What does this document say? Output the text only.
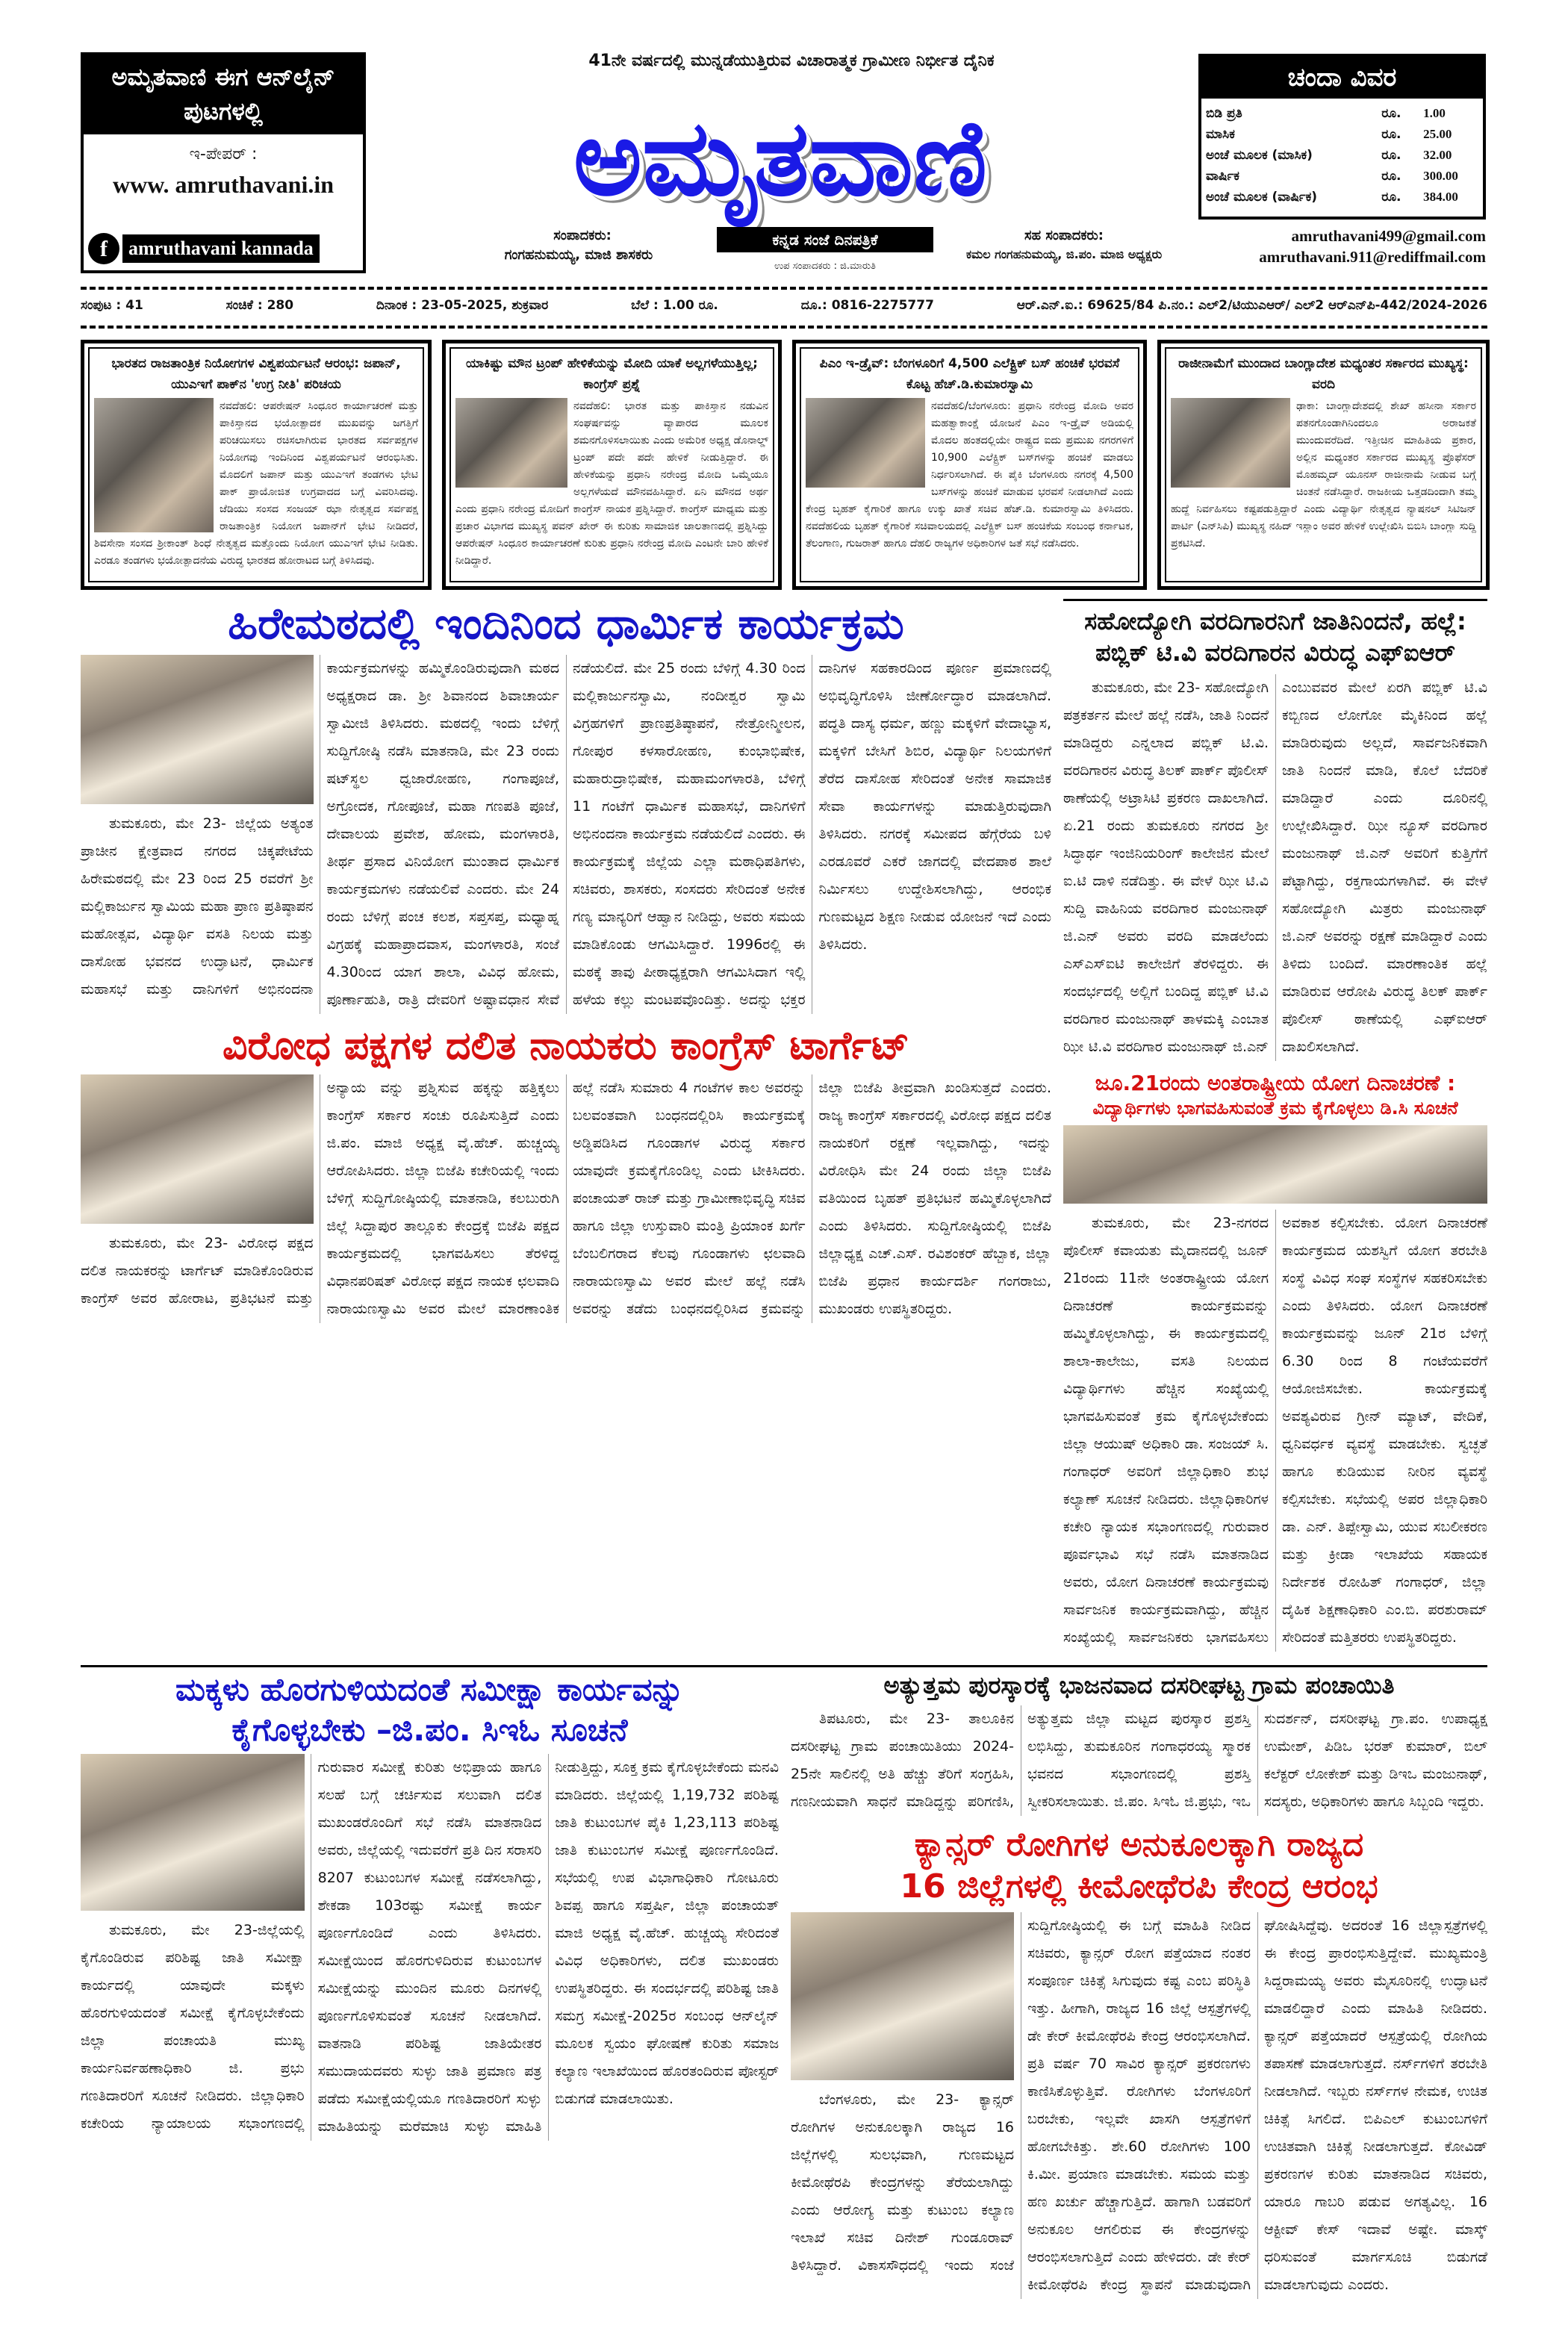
ಅಮೃತವಾಣಿ ಈಗ ಆನ್‌ಲೈನ್ ಪುಟಗಳಲ್ಲಿ
ಇ-ಪೇಪರ್ :
www. amruthavani.in
f	amruthavani kannada
41ನೇ ವರ್ಷದಲ್ಲಿ ಮುನ್ನಡೆಯುತ್ತಿರುವ ವಿಚಾರಾತ್ಮಕ ಗ್ರಾಮೀಣ ನಿರ್ಭೀತ ದೈನಿಕ
ಅಮೃತವಾಣಿ
ಸಂಪಾದಕರು:
ಗಂಗಹನುಮಯ್ಯ, ಮಾಜಿ ಶಾಸಕರು
ಕನ್ನಡ ಸಂಜೆ ದಿನಪತ್ರಿಕೆ
ಉಪ ಸಂಪಾದಕರು : ಜಿ.ಮಾರುತಿ
ಸಹ ಸಂಪಾದಕರು:
ಕಮಲ ಗಂಗಹನುಮಯ್ಯ, ಜಿ.ಪಂ. ಮಾಜಿ ಅಧ್ಯಕ್ಷರು
ಚಂದಾ ವಿವರ
ಬಿಡಿ ಪ್ರತಿ	ರೂ.	1.00
ಮಾಸಿಕ	ರೂ.	25.00
ಅಂಚೆ ಮೂಲಕ (ಮಾಸಿಕ)	ರೂ.	32.00
ವಾರ್ಷಿಕ	ರೂ.	300.00
ಅಂಚೆ ಮೂಲಕ (ವಾರ್ಷಿಕ)	ರೂ.	384.00
amruthavani499@gmail.com
amruthavani.911@rediffmail.com
ಸಂಪುಟ : 41	ಸಂಚಿಕೆ : 280	ದಿನಾಂಕ : 23-05-2025, ಶುಕ್ರವಾರ	ಬೆಲೆ : 1.00 ರೂ.	ದೂ.: 0816-2275777	ಆರ್.ಎನ್.ಐ.: 69625/84 ಪಿ.ನಂ.: ಎಲ್2/ಟಿಯುಎಆರ್/ ಎಲ್2 ಆರ್‌ಎನ್‌ಪಿ-442/2024-2026
ಭಾರತದ ರಾಜತಾಂತ್ರಿಕ ನಿಯೋಗಗಳ ವಿಶ್ವಪರ್ಯಟನೆ ಆರಂಭ: ಜಪಾನ್, ಯುಎಇಗೆ ಪಾಕ್‌ನ 'ಉಗ್ರ ನೀತಿ' ಪರಿಚಯ
ನವದೆಹಲಿ: ಆಪರೇಷನ್ ಸಿಂಧೂರ ಕಾರ್ಯಾಚರಣೆ ಮತ್ತು ಪಾಕಿಸ್ತಾನದ ಭಯೋತ್ಪಾದಕ ಮುಖವನ್ನು ಜಗತ್ತಿಗೆ ಪರಿಚಯಿಸಲು ರಚಿಸಲಾಗಿರುವ ಭಾರತದ ಸರ್ವಪಕ್ಷಗಳ ನಿಯೋಗವು ಇಂದಿನಿಂದ ವಿಶ್ವಪರ್ಯಟನೆ ಆರಂಭಿಸಿತು. ಮೊದಲಿಗೆ ಜಪಾನ್ ಮತ್ತು ಯುಎಇಗೆ ತಂಡಗಳು ಭೇಟಿ ಪಾಕ್ ಪ್ರಾಯೋಜಿತ ಉಗ್ರವಾದದ ಬಗ್ಗೆ ವಿವರಿಸಿದವು. ಜೆಡಿಯು ಸಂಸದ ಸಂಜಯ್ ಝಾ ನೇತೃತ್ವದ ಸರ್ವಪಕ್ಷ ರಾಜತಾಂತ್ರಿಕ ನಿಯೋಗ ಜಪಾನ್‌ಗೆ ಭೇಟಿ ನೀಡಿದರೆ, ಶಿವಸೇನಾ ಸಂಸದ ಶ್ರೀಕಾಂತ್ ಶಿಂಧೆ ನೇತೃತ್ವದ ಮತ್ತೊಂದು ನಿಯೋಗ ಯುಎಇಗೆ ಭೇಟಿ ನೀಡಿತು. ಎರಡೂ ತಂಡಗಳು ಭಯೋತ್ಪಾದನೆಯ ವಿರುದ್ಧ ಭಾರತದ ಹೋರಾಟದ ಬಗ್ಗೆ ತಿಳಿಸಿದವು.
ಯಾಕಿಷ್ಟು ಮೌನ ಟ್ರಂಪ್ ಹೇಳಿಕೆಯನ್ನು ಮೋದಿ ಯಾಕೆ ಅಲ್ಲಗಳೆಯುತ್ತಿಲ್ಲ; ಕಾಂಗ್ರೆಸ್ ಪ್ರಶ್ನೆ
ನವದೆಹಲಿ: ಭಾರತ ಮತ್ತು ಪಾಕಿಸ್ತಾನ ನಡುವಿನ ಸಂಘರ್ಷವನ್ನು ವ್ಯಾಪಾರದ ಮೂಲಕ ಶಮನಗೊಳಿಸಲಾಯಿತು ಎಂದು ಅಮೆರಿಕ ಅಧ್ಯಕ್ಷ ಡೊನಾಲ್ಡ್ ಟ್ರಂಪ್ ಪದೇ ಪದೇ ಹೇಳಿಕೆ ನೀಡುತ್ತಿದ್ದಾರೆ. ಈ ಹೇಳಿಕೆಯನ್ನು ಪ್ರಧಾನಿ ನರೇಂದ್ರ ಮೋದಿ ಒಮ್ಮೆಯೂ ಅಲ್ಲಗಳೆಯದೆ ಮೌನವಹಿಸಿದ್ದಾರೆ. ಏನಿ ಮೌನದ ಅರ್ಥ ಎಂದು ಪ್ರಧಾನಿ ನರೇಂದ್ರ ಮೋದಿಗೆ ಕಾಂಗ್ರೆಸ್ ನಾಯಕ ಪ್ರಶ್ನಿಸಿದ್ದಾರೆ. ಕಾಂಗ್ರೆಸ್ ಮಾಧ್ಯಮ ಮತ್ತು ಪ್ರಚಾರ ವಿಭಾಗದ ಮುಖ್ಯಸ್ಥ ಪವನ್ ಖೇರ್ ಈ ಕುರಿತು ಸಾಮಾಜಿಕ ಜಾಲತಾಣದಲ್ಲಿ ಪ್ರಶ್ನಿಸಿದ್ದು ಆಪರೇಷನ್ ಸಿಂಧೂರ ಕಾರ್ಯಾಚರಣೆ ಕುರಿತು ಪ್ರಧಾನಿ ನರೇಂದ್ರ ಮೋದಿ ಎಂಟನೇ ಬಾರಿ ಹೇಳಿಕೆ ನೀಡಿದ್ದಾರೆ.
ಪಿಎಂ ಇ-ಡ್ರೈವ್: ಬೆಂಗಳೂರಿಗೆ 4,500 ಎಲೆಕ್ಟ್ರಿಕ್ ಬಸ್ ಹಂಚಿಕೆ ಭರವಸೆ ಕೊಟ್ಟ ಹೆಚ್.ಡಿ.ಕುಮಾರಸ್ವಾಮಿ
ನವದೆಹಲಿ/ಬೆಂಗಳೂರು: ಪ್ರಧಾನಿ ನರೇಂದ್ರ ಮೋದಿ ಅವರ ಮಹತ್ವಾಕಾಂಕ್ಷೆ ಯೋಜನೆ ಪಿಎಂ ಇ-ಡ್ರೈವ್ ಅಡಿಯಲ್ಲಿ ಮೊದಲ ಹಂತದಲ್ಲಿಯೇ ರಾಷ್ಟ್ರದ ಐದು ಪ್ರಮುಖ ನಗರಗಳಿಗೆ 10,900 ಎಲೆಕ್ಟ್ರಿಕ್ ಬಸ್‌ಗಳನ್ನು ಹಂಚಿಕೆ ಮಾಡಲು ನಿರ್ಧರಿಸಲಾಗಿದೆ. ಈ ಪೈಕಿ ಬೆಂಗಳೂರು ನಗರಕ್ಕೆ 4,500 ಬಸ್‌ಗಳನ್ನು ಹಂಚಿಕೆ ಮಾಡುವ ಭರವಸೆ ನೀಡಲಾಗಿದೆ ಎಂದು ಕೇಂದ್ರ ಬೃಹತ್ ಕೈಗಾರಿಕೆ ಹಾಗೂ ಉಕ್ಕು ಖಾತೆ ಸಚಿವ ಹೆಚ್.ಡಿ. ಕುಮಾರಸ್ವಾಮಿ ತಿಳಿಸಿದರು. ನವದೆಹಲಿಯ ಬೃಹತ್ ಕೈಗಾರಿಕೆ ಸಚಿವಾಲಯದಲ್ಲಿ ಎಲೆಕ್ಟ್ರಿಕ್ ಬಸ್ ಹಂಚಿಕೆಯ ಸಂಬಂಧ ಕರ್ನಾಟಕ, ತೆಲಂಗಾಣ, ಗುಜರಾತ್ ಹಾಗೂ ದೆಹಲಿ ರಾಜ್ಯಗಳ ಅಧಿಕಾರಿಗಳ ಜತೆ ಸಭೆ ನಡೆಸಿದರು.
ರಾಜೀನಾಮೆಗೆ ಮುಂದಾದ ಬಾಂಗ್ಲಾದೇಶ ಮಧ್ಯಂತರ ಸರ್ಕಾರದ ಮುಖ್ಯಸ್ಥ: ವರದಿ
ಢಾಕಾ: ಬಾಂಗ್ಲಾದೇಶದಲ್ಲಿ ಶೇಖ್ ಹಸೀನಾ ಸರ್ಕಾರ ಪತನಗೊಂಡಾಗಿನಿಂದಲೂ ಅರಾಜಕತೆ ಮುಂದುವರೆದಿದೆ. ಇತ್ತೀಚಿನ ಮಾಹಿತಿಯ ಪ್ರಕಾರ, ಅಲ್ಲಿನ ಮಧ್ಯಂತರ ಸರ್ಕಾರದ ಮುಖ್ಯಸ್ಥ ಪ್ರೊಫೆಸರ್ ಮೊಹಮ್ಮದ್ ಯೂನಸ್ ರಾಜೀನಾಮೆ ನೀಡುವ ಬಗ್ಗೆ ಚಿಂತನೆ ನಡೆಸಿದ್ದಾರೆ. ರಾಜಕೀಯ ಒತ್ತಡದಿಂದಾಗಿ ತಮ್ಮ ಹುದ್ದೆ ನಿರ್ವಹಿಸಲು ಕಷ್ಟಪಡುತ್ತಿದ್ದಾರೆ ಎಂದು ವಿದ್ಯಾರ್ಥಿ ನೇತೃತ್ವದ ನ್ಯಾಷನಲ್ ಸಿಟಿಜನ್ ಪಾರ್ಟಿ (ಎನ್‌ಸಿಪಿ) ಮುಖ್ಯಸ್ಥ ನಹಿದ್ ಇಸ್ಲಾಂ ಅವರ ಹೇಳಿಕೆ ಉಲ್ಲೇಖಿಸಿ ಬಿಬಿಸಿ ಬಾಂಗ್ಲಾ ಸುದ್ದಿ ಪ್ರಕಟಿಸಿದೆ.
ಹಿರೇಮಠದಲ್ಲಿ ಇಂದಿನಿಂದ ಧಾರ್ಮಿಕ ಕಾರ್ಯಕ್ರಮ

ತುಮಕೂರು, ಮೇ 23- ಜಿಲ್ಲೆಯ ಅತ್ಯಂತ ಪ್ರಾಚೀನ ಕ್ಷೇತ್ರವಾದ ನಗರದ ಚಿಕ್ಕಪೇಟೆಯ ಹಿರೇಮಠದಲ್ಲಿ ಮೇ 23 ರಿಂದ 25 ರವರೆಗೆ ಶ್ರೀ ಮಲ್ಲಿಕಾರ್ಜುನ ಸ್ವಾಮಿಯ ಮಹಾ ಪ್ರಾಣ ಪ್ರತಿಷ್ಠಾಪನ ಮಹೋತ್ಸವ, ವಿದ್ಯಾರ್ಥಿ ವಸತಿ ನಿಲಯ ಮತ್ತು ದಾಸೋಹ ಭವನದ ಉದ್ಘಾಟನೆ, ಧಾರ್ಮಿಕ ಮಹಾಸಭೆ ಮತ್ತು ದಾನಿಗಳಿಗೆ ಅಭಿನಂದನಾ ಕಾರ್ಯಕ್ರಮಗಳನ್ನು ಹಮ್ಮಿಕೊಂಡಿರುವುದಾಗಿ ಮಠದ ಅಧ್ಯಕ್ಷರಾದ ಡಾ. ಶ್ರೀ ಶಿವಾನಂದ ಶಿವಾಚಾರ್ಯ ಸ್ವಾಮೀಜಿ ತಿಳಿಸಿದರು. ಮಠದಲ್ಲಿ ಇಂದು ಬೆಳಿಗ್ಗೆ ಸುದ್ದಿಗೋಷ್ಠಿ ನಡೆಸಿ ಮಾತನಾಡಿ, ಮೇ 23 ರಂದು ಷಟ್‌ಸ್ಥಲ ಧ್ವಜಾರೋಹಣ, ಗಂಗಾಪೂಜೆ, ಅಗ್ರೋದಕ, ಗೋಪೂಜೆ, ಮಹಾ ಗಣಪತಿ ಪೂಜೆ, ದೇವಾಲಯ ಪ್ರವೇಶ, ಹೋಮ, ಮಂಗಳಾರತಿ, ತೀರ್ಥ ಪ್ರಸಾದ ವಿನಿಯೋಗ ಮುಂತಾದ ಧಾರ್ಮಿಕ ಕಾರ್ಯಕ್ರಮಗಳು ನಡೆಯಲಿವೆ ಎಂದರು. ಮೇ 24 ರಂದು ಬೆಳಿಗ್ಗೆ ಪಂಚ ಕಲಶ, ಸಪ್ತಸಪ್ತ, ಮಧ್ಯಾಹ್ನ ವಿಗ್ರಹಕ್ಕೆ ಮಹಾಪ್ರಾದವಾಸ, ಮಂಗಳಾರತಿ, ಸಂಜೆ 4.30ರಿಂದ ಯಾಗ ಶಾಲಾ, ವಿವಿಧ ಹೋಮ, ಪೂರ್ಣಾಹುತಿ, ರಾತ್ರಿ ದೇವರಿಗೆ ಅಷ್ಟಾವಧಾನ ಸೇವೆ ನಡೆಯಲಿದೆ. ಮೇ 25 ರಂದು ಬೆಳಿಗ್ಗೆ 4.30 ರಿಂದ ಮಲ್ಲಿಕಾರ್ಜುನಸ್ವಾಮಿ, ನಂದೀಶ್ವರ ಸ್ವಾಮಿ ವಿಗ್ರಹಗಳಿಗೆ ಪ್ರಾಣಪ್ರತಿಷ್ಠಾಪನೆ, ನೇತ್ರೋನ್ಮೀಲನ, ಗೋಪುರ ಕಳಸಾರೋಹಣ, ಕುಂಭಾಭಿಷೇಕ, ಮಹಾರುದ್ರಾಭಿಷೇಕ, ಮಹಾಮಂಗಳಾರತಿ, ಬೆಳಿಗ್ಗೆ 11 ಗಂಟೆಗೆ ಧಾರ್ಮಿಕ ಮಹಾಸಭೆ, ದಾನಿಗಳಿಗೆ ಅಭಿನಂದನಾ ಕಾರ್ಯಕ್ರಮ ನಡೆಯಲಿದೆ ಎಂದರು. ಈ ಕಾರ್ಯಕ್ರಮಕ್ಕೆ ಜಿಲ್ಲೆಯ ಎಲ್ಲಾ ಮಠಾಧಿಪತಿಗಳು, ಸಚಿವರು, ಶಾಸಕರು, ಸಂಸದರು ಸೇರಿದಂತೆ ಅನೇಕ ಗಣ್ಯ ಮಾನ್ಯರಿಗೆ ಆಹ್ವಾನ ನೀಡಿದ್ದು, ಅವರು ಸಮಯ ಮಾಡಿಕೊಂಡು ಆಗಮಿಸಿದ್ದಾರೆ. 1996ರಲ್ಲಿ ಈ ಮಠಕ್ಕೆ ತಾವು ಪೀಠಾಧ್ಯಕ್ಷರಾಗಿ ಆಗಮಿಸಿದಾಗ ಇಲ್ಲಿ ಹಳೆಯ ಕಲ್ಲು ಮಂಟಪವೊಂದಿತ್ತು. ಅದನ್ನು ಭಕ್ತರ ದಾನಿಗಳ ಸಹಕಾರದಿಂದ ಪೂರ್ಣ ಪ್ರಮಾಣದಲ್ಲಿ ಅಭಿವೃದ್ಧಿಗೊಳಿಸಿ ಜೀರ್ಣೋದ್ಧಾರ ಮಾಡಲಾಗಿದೆ. ಪದ್ಧತಿ ದಾಸ್ಯ ಧರ್ಮ, ಹಣ್ಣು ಮಕ್ಕಳಿಗೆ ವೇದಾಭ್ಯಾಸ, ಮಕ್ಕಳಿಗೆ ಬೇಸಿಗೆ ಶಿಬಿರ, ವಿದ್ಯಾರ್ಥಿ ನಿಲಯಗಳಿಗೆ ತೆರೆದ ದಾಸೋಹ ಸೇರಿದಂತೆ ಅನೇಕ ಸಾಮಾಜಿಕ ಸೇವಾ ಕಾರ್ಯಗಳನ್ನು ಮಾಡುತ್ತಿರುವುದಾಗಿ ತಿಳಿಸಿದರು. ನಗರಕ್ಕೆ ಸಮೀಪದ ಹೆಗ್ಗೆರೆಯ ಬಳಿ ಎರಡೂವರೆ ಎಕರೆ ಜಾಗದಲ್ಲಿ ವೇದಪಾಠ ಶಾಲೆ ನಿರ್ಮಿಸಲು ಉದ್ದೇಶಿಸಲಾಗಿದ್ದು, ಆರಂಭಿಕ ಗುಣಮಟ್ಟದ ಶಿಕ್ಷಣ ನೀಡುವ ಯೋಜನೆ ಇದೆ ಎಂದು ತಿಳಿಸಿದರು.

ವಿರೋಧ ಪಕ್ಷಗಳ ದಲಿತ ನಾಯಕರು ಕಾಂಗ್ರೆಸ್ ಟಾರ್ಗೆಟ್

ತುಮಕೂರು, ಮೇ 23- ವಿರೋಧ ಪಕ್ಷದ ದಲಿತ ನಾಯಕರನ್ನು ಟಾರ್ಗೆಟ್ ಮಾಡಿಕೊಂಡಿರುವ ಕಾಂಗ್ರೆಸ್ ಅವರ ಹೋರಾಟ, ಪ್ರತಿಭಟನೆ ಮತ್ತು ಅನ್ಯಾಯ ವನ್ನು ಪ್ರಶ್ನಿಸುವ ಹಕ್ಕನ್ನು ಹತ್ತಿಕ್ಕಲು ಕಾಂಗ್ರೆಸ್ ಸರ್ಕಾರ ಸಂಚು ರೂಪಿಸುತ್ತಿದೆ ಎಂದು ಜಿ.ಪಂ. ಮಾಜಿ ಅಧ್ಯಕ್ಷ ವೈ.ಹೆಚ್. ಹುಚ್ಚಯ್ಯ ಆರೋಪಿಸಿದರು. ಜಿಲ್ಲಾ ಬಿಜೆಪಿ ಕಚೇರಿಯಲ್ಲಿ ಇಂದು ಬೆಳಿಗ್ಗೆ ಸುದ್ದಿಗೋಷ್ಠಿಯಲ್ಲಿ ಮಾತನಾಡಿ, ಕಲಬುರುಗಿ ಜಿಲ್ಲೆ ಸಿದ್ದಾಪುರ ತಾಲ್ಲೂಕು ಕೇಂದ್ರಕ್ಕೆ ಬಿಜೆಪಿ ಪಕ್ಷದ ಕಾರ್ಯಕ್ರಮದಲ್ಲಿ ಭಾಗವಹಿಸಲು ತೆರಳಿದ್ದ ವಿಧಾನಪರಿಷತ್ ವಿರೋಧ ಪಕ್ಷದ ನಾಯಕ ಛಲವಾದಿ ನಾರಾಯಣಸ್ವಾಮಿ ಅವರ ಮೇಲೆ ಮಾರಣಾಂತಿಕ ಹಲ್ಲೆ ನಡೆಸಿ ಸುಮಾರು 4 ಗಂಟೆಗಳ ಕಾಲ ಅವರನ್ನು ಬಲವಂತವಾಗಿ ಬಂಧನದಲ್ಲಿರಿಸಿ ಕಾರ್ಯಕ್ರಮಕ್ಕೆ ಅಡ್ಡಿಪಡಿಸಿದ ಗೂಂಡಾಗಳ ವಿರುದ್ಧ ಸರ್ಕಾರ ಯಾವುದೇ ಕ್ರಮಕೈಗೊಂಡಿಲ್ಲ ಎಂದು ಟೀಕಿಸಿದರು. ಪಂಚಾಯತ್ ರಾಜ್ ಮತ್ತು ಗ್ರಾಮೀಣಾಭಿವೃದ್ಧಿ ಸಚಿವ ಹಾಗೂ ಜಿಲ್ಲಾ ಉಸ್ತುವಾರಿ ಮಂತ್ರಿ ಪ್ರಿಯಾಂಕ ಖರ್ಗೆ ಬೆಂಬಲಿಗರಾದ ಕೆಲವು ಗೂಂಡಾಗಳು ಛಲವಾದಿ ನಾರಾಯಣಸ್ವಾಮಿ ಅವರ ಮೇಲೆ ಹಲ್ಲೆ ನಡೆಸಿ ಅವರನ್ನು ತಡೆದು ಬಂಧನದಲ್ಲಿರಿಸಿದ ಕ್ರಮವನ್ನು ಜಿಲ್ಲಾ ಬಿಜೆಪಿ ತೀವ್ರವಾಗಿ ಖಂಡಿಸುತ್ತದೆ ಎಂದರು. ರಾಜ್ಯ ಕಾಂಗ್ರೆಸ್ ಸರ್ಕಾರದಲ್ಲಿ ವಿರೋಧ ಪಕ್ಷದ ದಲಿತ ನಾಯಕರಿಗೆ ರಕ್ಷಣೆ ಇಲ್ಲವಾಗಿದ್ದು, ಇದನ್ನು ವಿರೋಧಿಸಿ ಮೇ 24 ರಂದು ಜಿಲ್ಲಾ ಬಿಜೆಪಿ ವತಿಯಿಂದ ಬೃಹತ್ ಪ್ರತಿಭಟನೆ ಹಮ್ಮಿಕೊಳ್ಳಲಾಗಿದೆ ಎಂದು ತಿಳಿಸಿದರು. ಸುದ್ದಿಗೋಷ್ಠಿಯಲ್ಲಿ ಬಿಜೆಪಿ ಜಿಲ್ಲಾಧ್ಯಕ್ಷ ಎಚ್.ಎಸ್. ರವಿಶಂಕರ್ ಹೆಬ್ಬಾಕ, ಜಿಲ್ಲಾ ಬಿಜೆಪಿ ಪ್ರಧಾನ ಕಾರ್ಯದರ್ಶಿ ಗಂಗರಾಜು, ಮುಖಂಡರು ಉಪಸ್ಥಿತರಿದ್ದರು.

ಸಹೋದ್ಯೋಗಿ ವರದಿಗಾರನಿಗೆ ಜಾತಿನಿಂದನೆ, ಹಲ್ಲೆ: ಪಬ್ಲಿಕ್ ಟಿ.ವಿ ವರದಿಗಾರನ ವಿರುದ್ಧ ಎಫ್‌ಐಆರ್

ತುಮಕೂರು, ಮೇ 23- ಸಹೋದ್ಯೋಗಿ ಪತ್ರಕರ್ತನ ಮೇಲೆ ಹಲ್ಲೆ ನಡೆಸಿ, ಜಾತಿ ನಿಂದನೆ ಮಾಡಿದ್ದರು ಎನ್ನಲಾದ ಪಬ್ಲಿಕ್ ಟಿ.ವಿ. ವರದಿಗಾರನ ವಿರುದ್ಧ ತಿಲಕ್ ಪಾರ್ಕ್ ಪೊಲೀಸ್ ಠಾಣೆಯಲ್ಲಿ ಅಟ್ರಾಸಿಟಿ ಪ್ರಕರಣ ದಾಖಲಾಗಿದೆ. ಏ.21 ರಂದು ತುಮಕೂರು ನಗರದ ಶ್ರೀ ಸಿದ್ಧಾರ್ಥ ಇಂಜಿನಿಯರಿಂಗ್ ಕಾಲೇಜಿನ ಮೇಲೆ ಐ.ಟಿ ದಾಳಿ ನಡೆದಿತ್ತು. ಈ ವೇಳೆ ಝೀ ಟಿ.ವಿ ಸುದ್ದಿ ವಾಹಿನಿಯ ವರದಿಗಾರ ಮಂಜುನಾಥ್ ಜಿ.ಎನ್ ಅವರು ವರದಿ ಮಾಡಲೆಂದು ಎಸ್‌ಎಸ್‌ಐಟಿ ಕಾಲೇಜಿಗೆ ತೆರಳಿದ್ದರು. ಈ ಸಂದರ್ಭದಲ್ಲಿ ಅಲ್ಲಿಗೆ ಬಂದಿದ್ದ ಪಬ್ಲಿಕ್ ಟಿ.ವಿ ವರದಿಗಾರ ಮಂಜುನಾಥ್ ತಾಳಮಕ್ಕಿ ಎಂಬಾತ ಝೀ ಟಿ.ವಿ ವರದಿಗಾರ ಮಂಜುನಾಥ್ ಜಿ.ಎನ್ ಎಂಬುವವರ ಮೇಲೆ ಏರಗಿ ಪಬ್ಲಿಕ್ ಟಿ.ವಿ ಕಬ್ಬಿಣದ ಲೋಗೋ ಮೈಕಿನಿಂದ ಹಲ್ಲೆ ಮಾಡಿರುವುದು ಅಲ್ಲದೆ, ಸಾರ್ವಜನಿಕವಾಗಿ ಜಾತಿ ನಿಂದನೆ ಮಾಡಿ, ಕೊಲೆ ಬೆದರಿಕೆ ಮಾಡಿದ್ದಾರೆ ಎಂದು ದೂರಿನಲ್ಲಿ ಉಲ್ಲೇಖಿಸಿದ್ದಾರೆ. ಝೀ ನ್ಯೂಸ್ ವರದಿಗಾರ ಮಂಜುನಾಥ್ ಜಿ.ಎನ್ ಅವರಿಗೆ ಕುತ್ತಿಗೆಗೆ ಪೆಟ್ಟಾಗಿದ್ದು, ರಕ್ತಗಾಯಗಳಾಗಿವೆ. ಈ ವೇಳೆ ಸಹೋದ್ಯೋಗಿ ಮಿತ್ರರು ಮಂಜುನಾಥ್ ಜಿ.ಎನ್ ಅವರನ್ನು ರಕ್ಷಣೆ ಮಾಡಿದ್ದಾರೆ ಎಂದು ತಿಳಿದು ಬಂದಿದೆ. ಮಾರಣಾಂತಿಕ ಹಲ್ಲೆ ಮಾಡಿರುವ ಆರೋಪಿ ವಿರುದ್ಧ ತಿಲಕ್ ಪಾರ್ಕ್ ಪೊಲೀಸ್ ಠಾಣೆಯಲ್ಲಿ ಎಫ್‌ಐಆರ್ ದಾಖಲಿಸಲಾಗಿದೆ.

ಜೂ.21ರಂದು ಅಂತರಾಷ್ಟ್ರೀಯ ಯೋಗ ದಿನಾಚರಣೆ :
ವಿದ್ಯಾರ್ಥಿಗಳು ಭಾಗವಹಿಸುವಂತೆ ಕ್ರಮ ಕೈಗೊಳ್ಳಲು ಡಿ.ಸಿ ಸೂಚನೆ

ತುಮಕೂರು, ಮೇ 23-ನಗರದ ಪೊಲೀಸ್ ಕವಾಯತು ಮೈದಾನದಲ್ಲಿ ಜೂನ್ 21ರಂದು 11ನೇ ಅಂತರಾಷ್ಟ್ರೀಯ ಯೋಗ ದಿನಾಚರಣೆ ಕಾರ್ಯಕ್ರಮವನ್ನು ಹಮ್ಮಿಕೊಳ್ಳಲಾಗಿದ್ದು, ಈ ಕಾರ್ಯಕ್ರಮದಲ್ಲಿ ಶಾಲಾ-ಕಾಲೇಜು, ವಸತಿ ನಿಲಯದ ವಿದ್ಯಾರ್ಥಿಗಳು ಹೆಚ್ಚಿನ ಸಂಖ್ಯೆಯಲ್ಲಿ ಭಾಗವಹಿಸುವಂತೆ ಕ್ರಮ ಕೈಗೊಳ್ಳಬೇಕೆಂದು ಜಿಲ್ಲಾ ಆಯುಷ್ ಅಧಿಕಾರಿ ಡಾ. ಸಂಜಯ್ ಸಿ. ಗಂಗಾಧರ್ ಅವರಿಗೆ ಜಿಲ್ಲಾಧಿಕಾರಿ ಶುಭ ಕಲ್ಯಾಣ್ ಸೂಚನೆ ನೀಡಿದರು. ಜಿಲ್ಲಾಧಿಕಾರಿಗಳ ಕಚೇರಿ ನ್ಯಾಯಕ ಸಭಾಂಗಣದಲ್ಲಿ ಗುರುವಾರ ಪೂರ್ವಭಾವಿ ಸಭೆ ನಡೆಸಿ ಮಾತನಾಡಿದ ಅವರು, ಯೋಗ ದಿನಾಚರಣೆ ಕಾರ್ಯಕ್ರಮವು ಸಾರ್ವಜನಿಕ ಕಾರ್ಯಕ್ರಮವಾಗಿದ್ದು, ಹೆಚ್ಚಿನ ಸಂಖ್ಯೆಯಲ್ಲಿ ಸಾರ್ವಜನಿಕರು ಭಾಗವಹಿಸಲು ಅವಕಾಶ ಕಲ್ಪಿಸಬೇಕು. ಯೋಗ ದಿನಾಚರಣೆ ಕಾರ್ಯಕ್ರಮದ ಯಶಸ್ವಿಗೆ ಯೋಗ ತರಬೇತಿ ಸಂಸ್ಥೆ ವಿವಿಧ ಸಂಘ ಸಂಸ್ಥೆಗಳ ಸಹಕರಿಸಬೇಕು ಎಂದು ತಿಳಿಸಿದರು. ಯೋಗ ದಿನಾಚರಣೆ ಕಾರ್ಯಕ್ರಮವನ್ನು ಜೂನ್ 21ರ ಬೆಳಿಗ್ಗೆ 6.30 ರಿಂದ 8 ಗಂಟೆಯವರೆಗೆ ಆಯೋಜಿಸಬೇಕು. ಕಾರ್ಯಕ್ರಮಕ್ಕೆ ಅವಶ್ಯವಿರುವ ಗ್ರೀನ್ ಮ್ಯಾಟ್, ವೇದಿಕೆ, ಧ್ವನಿವರ್ಧಕ ವ್ಯವಸ್ಥೆ ಮಾಡಬೇಕು. ಸ್ವಚ್ಛತೆ ಹಾಗೂ ಕುಡಿಯುವ ನೀರಿನ ವ್ಯವಸ್ಥೆ ಕಲ್ಪಿಸಬೇಕು. ಸಭೆಯಲ್ಲಿ ಅಪರ ಜಿಲ್ಲಾಧಿಕಾರಿ ಡಾ. ಎನ್. ತಿಪ್ಪೇಸ್ವಾಮಿ, ಯುವ ಸಬಲೀಕರಣ ಮತ್ತು ಕ್ರೀಡಾ ಇಲಾಖೆಯ ಸಹಾಯಕ ನಿರ್ದೇಶಕ ರೋಹಿತ್ ಗಂಗಾಧರ್, ಜಿಲ್ಲಾ ದೈಹಿಕ ಶಿಕ್ಷಣಾಧಿಕಾರಿ ಎಂ.ಬಿ. ಪರಶುರಾಮ್ ಸೇರಿದಂತೆ ಮತ್ತಿತರರು ಉಪಸ್ಥಿತರಿದ್ದರು.

ಮಕ್ಕಳು ಹೊರಗುಳಿಯದಂತೆ ಸಮೀಕ್ಷಾ ಕಾರ್ಯವನ್ನು
ಕೈಗೊಳ್ಳಬೇಕು –ಜಿ.ಪಂ. ಸಿಇಓ ಸೂಚನೆ

ತುಮಕೂರು, ಮೇ 23-ಜಿಲ್ಲೆಯಲ್ಲಿ ಕೈಗೊಂಡಿರುವ ಪರಿಶಿಷ್ಟ ಜಾತಿ ಸಮೀಕ್ಷಾ ಕಾರ್ಯದಲ್ಲಿ ಯಾವುದೇ ಮಕ್ಕಳು ಹೊರಗುಳಿಯದಂತೆ ಸಮೀಕ್ಷೆ ಕೈಗೊಳ್ಳಬೇಕೆಂದು ಜಿಲ್ಲಾ ಪಂಚಾಯತಿ ಮುಖ್ಯ ಕಾರ್ಯನಿರ್ವಹಣಾಧಿಕಾರಿ ಜಿ. ಪ್ರಭು ಗಣತಿದಾರರಿಗೆ ಸೂಚನೆ ನೀಡಿದರು. ಜಿಲ್ಲಾಧಿಕಾರಿ ಕಚೇರಿಯ ನ್ಯಾಯಾಲಯ ಸಭಾಂಗಣದಲ್ಲಿ ಗುರುವಾರ ಸಮೀಕ್ಷೆ ಕುರಿತು ಅಭಿಪ್ರಾಯ ಹಾಗೂ ಸಲಹೆ ಬಗ್ಗೆ ಚರ್ಚಿಸುವ ಸಲುವಾಗಿ ದಲಿತ ಮುಖಂಡರೊಂದಿಗೆ ಸಭೆ ನಡೆಸಿ ಮಾತನಾಡಿದ ಅವರು, ಜಿಲ್ಲೆಯಲ್ಲಿ ಇದುವರೆಗೆ ಪ್ರತಿ ದಿನ ಸರಾಸರಿ 8207 ಕುಟುಂಬಗಳ ಸಮೀಕ್ಷೆ ನಡೆಸಲಾಗಿದ್ದು, ಶೇಕಡಾ 103ರಷ್ಟು ಸಮೀಕ್ಷೆ ಕಾರ್ಯ ಪೂರ್ಣಗೊಂಡಿದೆ ಎಂದು ತಿಳಿಸಿದರು. ಸಮೀಕ್ಷೆಯಿಂದ ಹೊರಗುಳಿದಿರುವ ಕುಟುಂಬಗಳ ಸಮೀಕ್ಷೆಯನ್ನು ಮುಂದಿನ ಮೂರು ದಿನಗಳಲ್ಲಿ ಪೂರ್ಣಗೊಳಿಸುವಂತೆ ಸೂಚನೆ ನೀಡಲಾಗಿದೆ. ವಾತನಾಡಿ ಪರಿಶಿಷ್ಟ ಜಾತಿಯೇತರ ಸಮುದಾಯದವರು ಸುಳ್ಳು ಜಾತಿ ಪ್ರಮಾಣ ಪತ್ರ ಪಡೆದು ಸಮೀಕ್ಷೆಯಲ್ಲಿಯೂ ಗಣತಿದಾರರಿಗೆ ಸುಳ್ಳು ಮಾಹಿತಿಯನ್ನು ಮರೆಮಾಚಿ ಸುಳ್ಳು ಮಾಹಿತಿ ನೀಡುತ್ತಿದ್ದು, ಸೂಕ್ತ ಕ್ರಮ ಕೈಗೊಳ್ಳಬೇಕೆಂದು ಮನವಿ ಮಾಡಿದರು. ಜಿಲ್ಲೆಯಲ್ಲಿ 1,19,732 ಪರಿಶಿಷ್ಟ ಜಾತಿ ಕುಟುಂಬಗಳ ಪೈಕಿ 1,23,113 ಪರಿಶಿಷ್ಟ ಜಾತಿ ಕುಟುಂಬಗಳ ಸಮೀಕ್ಷೆ ಪೂರ್ಣಗೊಂಡಿದೆ. ಸಭೆಯಲ್ಲಿ ಉಪ ವಿಭಾಗಾಧಿಕಾರಿ ಗೋಟೂರು ಶಿವಪ್ಪ ಹಾಗೂ ಸಪ್ತರ್ಷಿ, ಜಿಲ್ಲಾ ಪಂಚಾಯತ್ ಮಾಜಿ ಅಧ್ಯಕ್ಷ ವೈ.ಹೆಚ್. ಹುಚ್ಚಯ್ಯ ಸೇರಿದಂತೆ ವಿವಿಧ ಅಧಿಕಾರಿಗಳು, ದಲಿತ ಮುಖಂಡರು ಉಪಸ್ಥಿತರಿದ್ದರು. ಈ ಸಂದರ್ಭದಲ್ಲಿ ಪರಿಶಿಷ್ಟ ಜಾತಿ ಸಮಗ್ರ ಸಮೀಕ್ಷೆ-2025ರ ಸಂಬಂಧ ಆನ್‌ಲೈನ್ ಮೂಲಕ ಸ್ವಯಂ ಘೋಷಣೆ ಕುರಿತು ಸಮಾಜ ಕಲ್ಯಾಣ ಇಲಾಖೆಯಿಂದ ಹೊರತಂದಿರುವ ಪೋಸ್ಟರ್ ಬಿಡುಗಡೆ ಮಾಡಲಾಯಿತು.

ಅತ್ಯುತ್ತಮ ಪುರಸ್ಕಾರಕ್ಕೆ ಭಾಜನವಾದ ದಸರೀಘಟ್ಟ ಗ್ರಾಮ ಪಂಚಾಯಿತಿ

ತಿಪಟೂರು, ಮೇ 23- ತಾಲೂಕಿನ ದಸರೀಘಟ್ಟ ಗ್ರಾಮ ಪಂಚಾಯಿತಿಯು 2024-25ನೇ ಸಾಲಿನಲ್ಲಿ ಅತಿ ಹೆಚ್ಚು ತೆರಿಗೆ ಸಂಗ್ರಹಿಸಿ, ಗಣನೀಯವಾಗಿ ಸಾಧನೆ ಮಾಡಿದ್ದನ್ನು ಪರಿಗಣಿಸಿ, ಅತ್ಯುತ್ತಮ ಜಿಲ್ಲಾ ಮಟ್ಟದ ಪುರಸ್ಕಾರ ಪ್ರಶಸ್ತಿ ಲಭಿಸಿದ್ದು, ತುಮಕೂರಿನ ಗಂಗಾಧರಯ್ಯ ಸ್ಮಾರಕ ಭವನದ ಸಭಾಂಗಣದಲ್ಲಿ ಪ್ರಶಸ್ತಿ ಸ್ವೀಕರಿಸಲಾಯಿತು. ಜಿ.ಪಂ. ಸಿಇಓ ಜಿ.ಪ್ರಭು, ಇಒ ಸುದರ್ಶನ್, ದಸರೀಘಟ್ಟ ಗ್ರಾ.ಪಂ. ಉಪಾಧ್ಯಕ್ಷ ಉಮೇಶ್, ಪಿಡಿಒ ಭರತ್ ಕುಮಾರ್, ಬಿಲ್ ಕಲೆಕ್ಟರ್ ಲೋಕೇಶ್ ಮತ್ತು ಡಿಇಒ ಮಂಜುನಾಥ್, ಸದಸ್ಯರು, ಅಧಿಕಾರಿಗಳು ಹಾಗೂ ಸಿಬ್ಬಂದಿ ಇದ್ದರು.

ಕ್ಯಾನ್ಸರ್ ರೋಗಿಗಳ ಅನುಕೂಲಕ್ಕಾಗಿ ರಾಜ್ಯದ
16 ಜಿಲ್ಲೆಗಳಲ್ಲಿ ಕೀಮೋಥೆರಪಿ ಕೇಂದ್ರ ಆರಂಭ

ಬೆಂಗಳೂರು, ಮೇ 23- ಕ್ಯಾನ್ಸರ್ ರೋಗಿಗಳ ಅನುಕೂಲಕ್ಕಾಗಿ ರಾಜ್ಯದ 16 ಜಿಲ್ಲೆಗಳಲ್ಲಿ ಸುಲಭವಾಗಿ, ಗುಣಮಟ್ಟದ ಕೀಮೋಥೆರಪಿ ಕೇಂದ್ರಗಳನ್ನು ತೆರೆಯಲಾಗಿದ್ದು ಎಂದು ಆರೋಗ್ಯ ಮತ್ತು ಕುಟುಂಬ ಕಲ್ಯಾಣ ಇಲಾಖೆ ಸಚಿವ ದಿನೇಶ್ ಗುಂಡೂರಾವ್ ತಿಳಿಸಿದ್ದಾರೆ. ವಿಕಾಸಸೌಧದಲ್ಲಿ ಇಂದು ಸಂಜೆ ಸುದ್ದಿಗೋಷ್ಠಿಯಲ್ಲಿ ಈ ಬಗ್ಗೆ ಮಾಹಿತಿ ನೀಡಿದ ಸಚಿವರು, ಕ್ಯಾನ್ಸರ್ ರೋಗ ಪತ್ತೆಯಾದ ನಂತರ ಸಂಪೂರ್ಣ ಚಿಕಿತ್ಸೆ ಸಿಗುವುದು ಕಷ್ಟ ಎಂಬ ಪರಿಸ್ಥಿತಿ ಇತ್ತು. ಹೀಗಾಗಿ, ರಾಜ್ಯದ 16 ಜಿಲ್ಲೆ ಆಸ್ಪತ್ರೆಗಳಲ್ಲಿ ಡೇ ಕೇರ್ ಕೀಮೋಥೆರಪಿ ಕೇಂದ್ರ ಆರಂಭಿಸಲಾಗಿದೆ. ಪ್ರತಿ ವರ್ಷ 70 ಸಾವಿರ ಕ್ಯಾನ್ಸರ್ ಪ್ರಕರಣಗಳು ಕಾಣಿಸಿಕೊಳ್ಳುತ್ತಿವೆ. ರೋಗಿಗಳು ಬೆಂಗಳೂರಿಗೆ ಬರಬೇಕು, ಇಲ್ಲವೇ ಖಾಸಗಿ ಆಸ್ಪತ್ರೆಗಳಿಗೆ ಹೋಗಬೇಕಿತ್ತು. ಶೇ.60 ರೋಗಿಗಳು 100 ಕಿ.ಮೀ. ಪ್ರಯಾಣ ಮಾಡಬೇಕು. ಸಮಯ ಮತ್ತು ಹಣ ಖರ್ಚು ಹೆಚ್ಚಾಗುತ್ತಿದೆ. ಹಾಗಾಗಿ ಬಡವರಿಗೆ ಅನುಕೂಲ ಆಗಲಿರುವ ಈ ಕೇಂದ್ರಗಳನ್ನು ಆರಂಭಿಸಲಾಗುತ್ತಿದೆ ಎಂದು ಹೇಳಿದರು. ಡೇ ಕೇರ್ ಕೀಮೋಥೆರಪಿ ಕೇಂದ್ರ ಸ್ಥಾಪನೆ ಮಾಡುವುದಾಗಿ ಘೋಷಿಸಿದ್ದೆವು. ಅದರಂತೆ 16 ಜಿಲ್ಲಾಸ್ಪತ್ರೆಗಳಲ್ಲಿ ಈ ಕೇಂದ್ರ ಪ್ರಾರಂಭಿಸುತ್ತಿದ್ದೇವೆ. ಮುಖ್ಯಮಂತ್ರಿ ಸಿದ್ದರಾಮಯ್ಯ ಅವರು ಮೈಸೂರಿನಲ್ಲಿ ಉದ್ಘಾಟನೆ ಮಾಡಲಿದ್ದಾರೆ ಎಂದು ಮಾಹಿತಿ ನೀಡಿದರು. ಕ್ಯಾನ್ಸರ್ ಪತ್ತೆಯಾದರೆ ಆಸ್ಪತ್ರೆಯಲ್ಲಿ ರೋಗಿಯ ತಪಾಸಣೆ ಮಾಡಲಾಗುತ್ತದೆ. ನರ್ಸ್‌ಗಳಿಗೆ ತರಬೇತಿ ನೀಡಲಾಗಿದೆ. ಇಬ್ಬರು ನರ್ಸ್‌ಗಳ ನೇಮಕ, ಉಚಿತ ಚಿಕಿತ್ಸೆ ಸಿಗಲಿದೆ. ಬಿಪಿಎಲ್ ಕುಟುಂಬಗಳಿಗೆ ಉಚಿತವಾಗಿ ಚಿಕಿತ್ಸೆ ನೀಡಲಾಗುತ್ತದೆ. ಕೋವಿಡ್ ಪ್ರಕರಣಗಳ ಕುರಿತು ಮಾತನಾಡಿದ ಸಚಿವರು, ಯಾರೂ ಗಾಬರಿ ಪಡುವ ಅಗತ್ಯವಿಲ್ಲ. 16 ಆಕ್ಟೀವ್ ಕೇಸ್ ಇದಾವೆ ಅಷ್ಟೇ. ಮಾಸ್ಕ್ ಧರಿಸುವಂತೆ ಮಾರ್ಗಸೂಚಿ ಬಿಡುಗಡೆ ಮಾಡಲಾಗುವುದು ಎಂದರು.
